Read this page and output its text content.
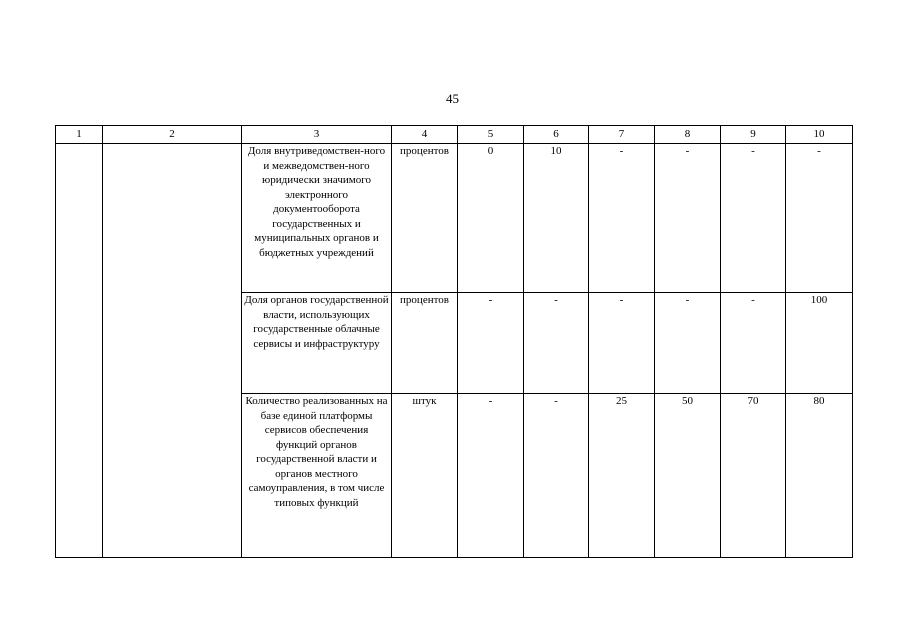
45
1	2	3	4	5	6	7	8	9	10
		Доля внутриведомствен-ного и межведомствен-ного юридически значимого электронного документооборота государственных и муниципальных органов и бюджетных учреждений	процентов	0	10	-	-	-	-
		Доля органов государственной власти, использующих государственные облачные сервисы и инфраструктуру	процентов	-	-	-	-	-	100
		Количество реализованных на базе единой платформы сервисов обеспечения функций органов государственной власти и органов местного самоуправления, в том числе типовых функций	штук	-	-	25	50	70	80
